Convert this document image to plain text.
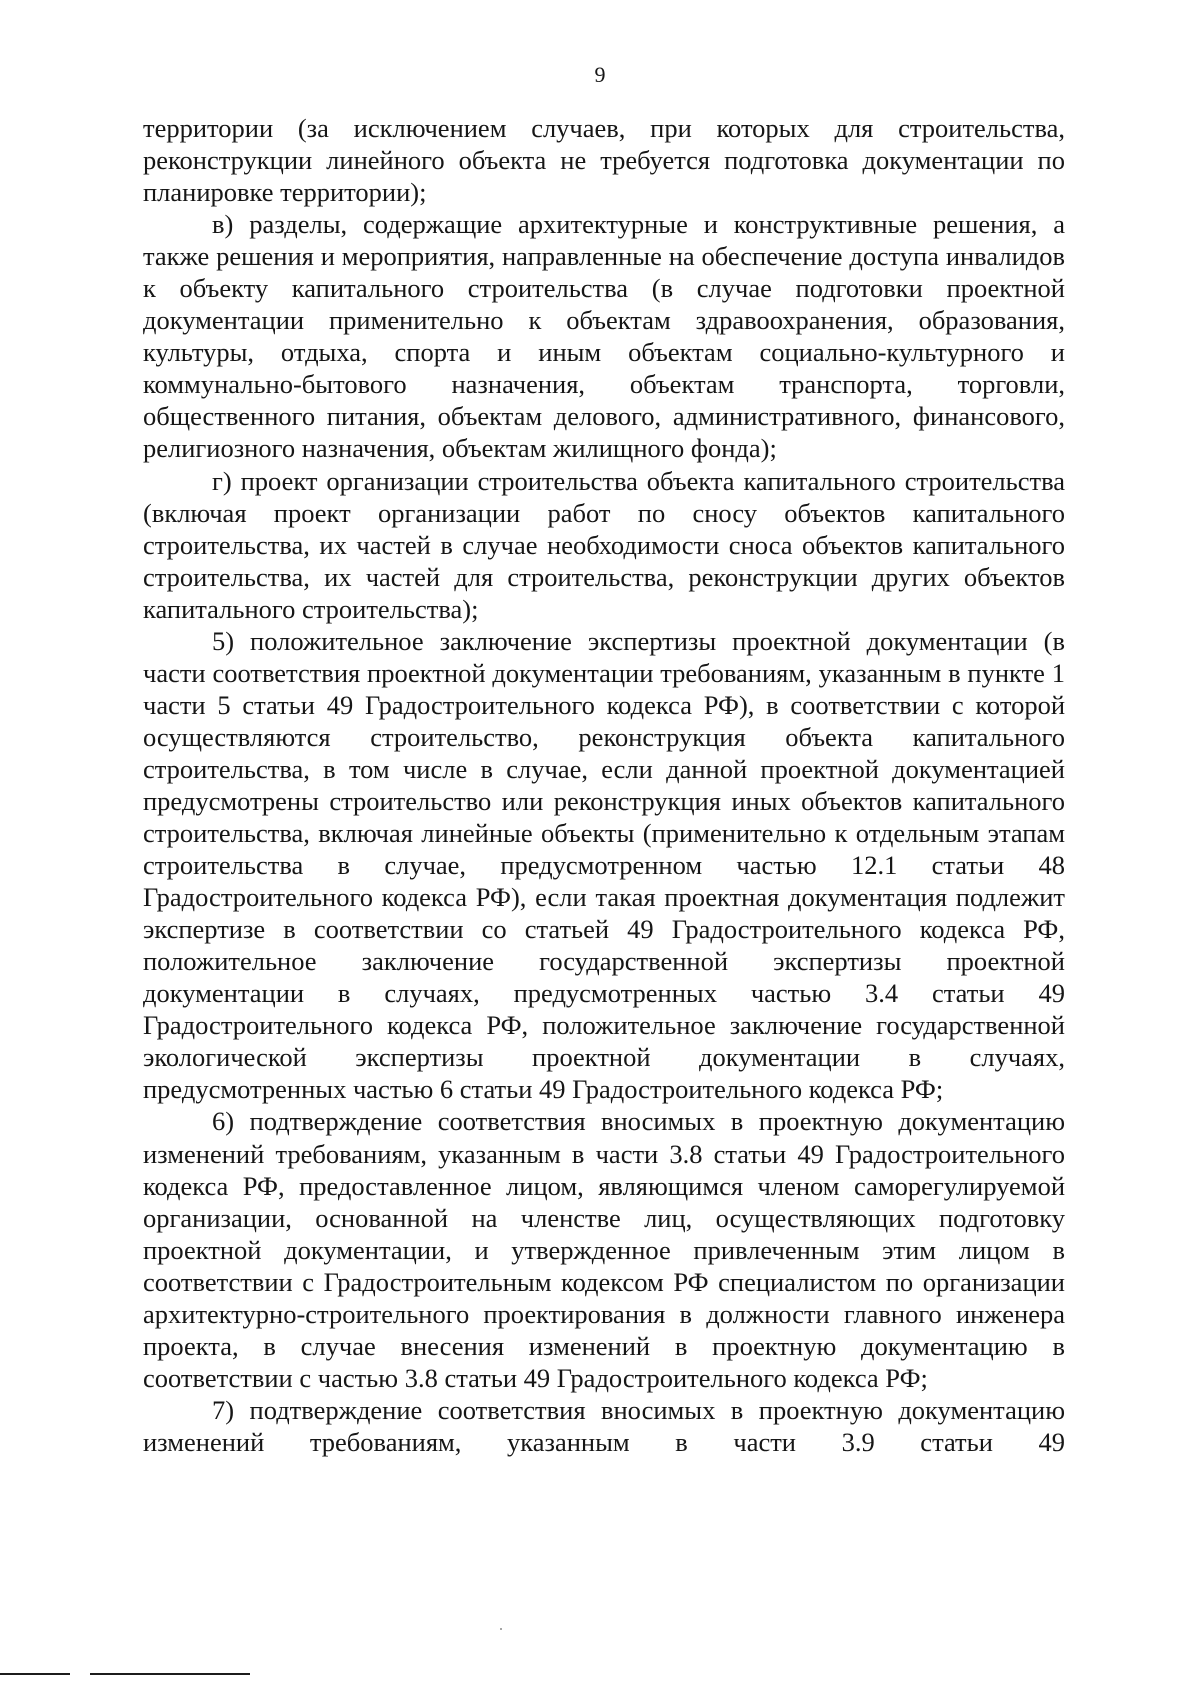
9

территории (за исключением случаев, при которых для строительства, реконструкции линейного объекта не требуется подготовка документации по планировке территории);

в) разделы, содержащие архитектурные и конструктивные решения, а также решения и мероприятия, направленные на обеспечение доступа инвалидов к объекту капитального строительства (в случае подготовки проектной документации применительно к объектам здравоохранения, образования, культуры, отдыха, спорта и иным объектам социально-культурного и коммунально-бытового назначения, объектам транспорта, торговли, общественного питания, объектам делового, административного, финансового, религиозного назначения, объектам жилищного фонда);

г) проект организации строительства объекта капитального строительства (включая проект организации работ по сносу объектов капитального строительства, их частей в случае необходимости сноса объектов капитального строительства, их частей для строительства, реконструкции других объектов капитального строительства);

5) положительное заключение экспертизы проектной документации (в части соответствия проектной документации требованиям, указанным в пункте 1 части 5 статьи 49 Градостроительного кодекса РФ), в соответствии с которой осуществляются строительство, реконструкция объекта капитального строительства, в том числе в случае, если данной проектной документацией предусмотрены строительство или реконструкция иных объектов капитального строительства, включая линейные объекты (применительно к отдельным этапам строительства в случае, предусмотренном частью 12.1 статьи 48 Градостроительного кодекса РФ), если такая проектная документация подлежит экспертизе в соответствии со статьей 49 Градостроительного кодекса РФ, положительное заключение государственной экспертизы проектной документации в случаях, предусмотренных частью 3.4 статьи 49 Градостроительного кодекса РФ, положительное заключение государственной экологической экспертизы проектной документации в случаях, предусмотренных частью 6 статьи 49 Градостроительного кодекса РФ;

6) подтверждение соответствия вносимых в проектную документацию изменений требованиям, указанным в части 3.8 статьи 49 Градостроительного кодекса РФ, предоставленное лицом, являющимся членом саморегулируемой организации, основанной на членстве лиц, осуществляющих подготовку проектной документации, и утвержденное привлеченным этим лицом в соответствии с Градостроительным кодексом РФ специалистом по организации архитектурно-строительного проектирования в должности главного инженера проекта, в случае внесения изменений в проектную документацию в соответствии с частью 3.8 статьи 49 Градостроительного кодекса РФ;

7) подтверждение соответствия вносимых в проектную документацию изменений требованиям, указанным в части 3.9 статьи 49
